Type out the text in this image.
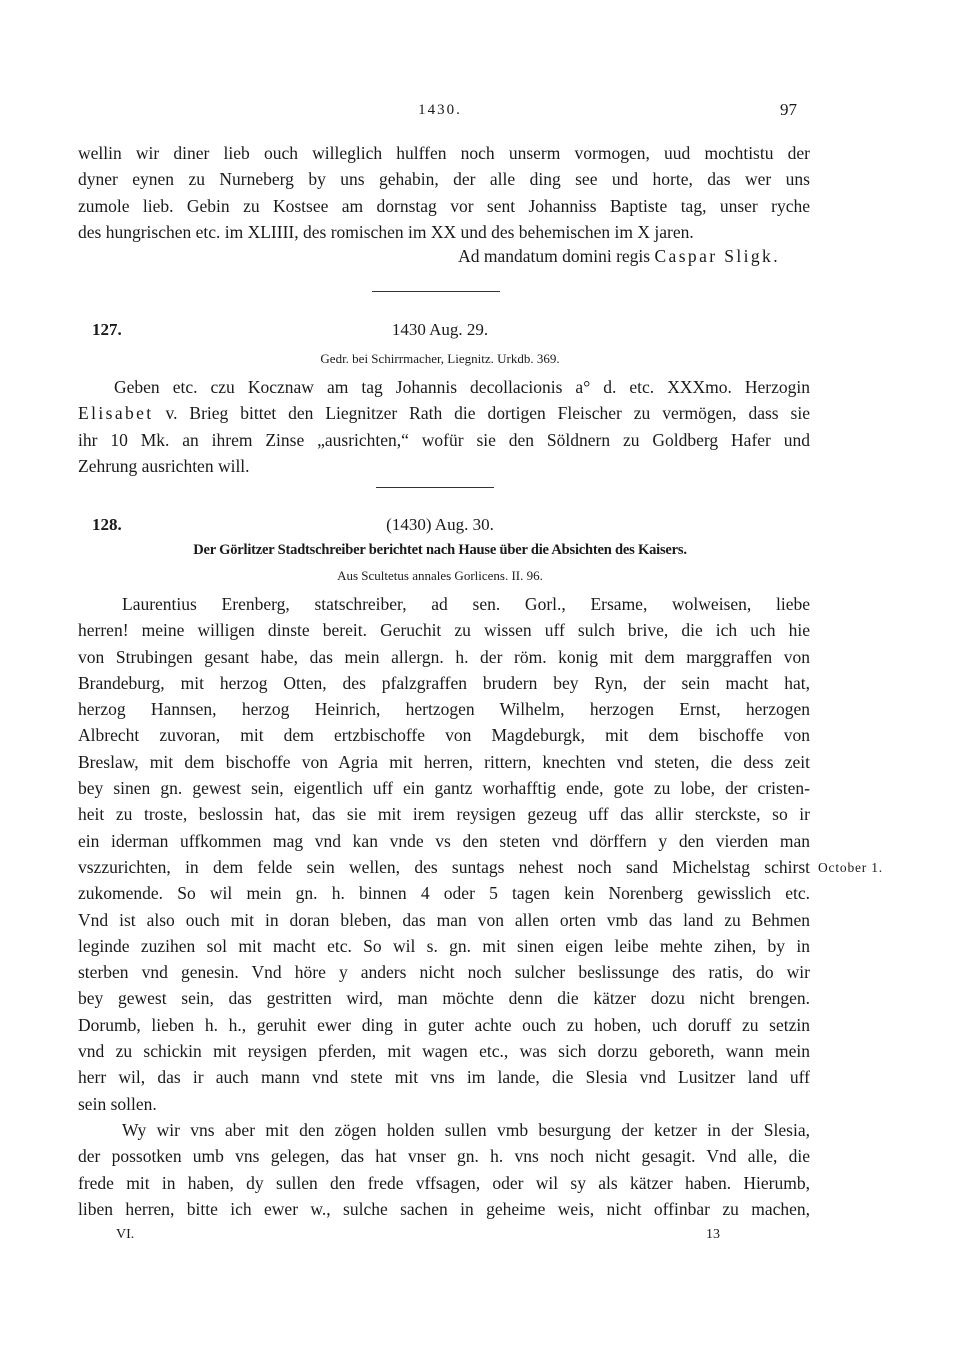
1430.	97
wellin wir diner lieb ouch willeglich hulffen noch unserm vormogen, uud mochtistu der
dyner eynen zu Nurneberg by uns gehabin, der alle ding see und horte, das wer uns
zumole lieb. Gebin zu Kostsee am dornstag vor sent Johanniss Baptiste tag, unser ryche
des hungrischen etc. im XLIIII, des romischen im XX und des behemischen im X jaren.
Ad mandatum domini regis Caspar Sligk.
127.	1430 Aug. 29.
Gedr. bei Schirrmacher, Liegnitz. Urkdb. 369.
Geben etc. czu Kocznaw am tag Johannis decollacionis a° d. etc. XXXmo. Herzogin
Elisabet v. Brieg bittet den Liegnitzer Rath die dortigen Fleischer zu vermögen, dass sie
ihr 10 Mk. an ihrem Zinse „ausrichten,“ wofür sie den Söldnern zu Goldberg Hafer und
Zehrung ausrichten will.
128.	(1430) Aug. 30.
Der Görlitzer Stadtschreiber berichtet nach Hause über die Absichten des Kaisers.
Aus Scultetus annales Gorlicens. II. 96.
Laurentius Erenberg, statschreiber, ad sen. Gorl., Ersame, wolweisen, liebe
herren! meine willigen dinste bereit. Geruchit zu wissen uff sulch brive, die ich uch hie
von Strubingen gesant habe, das mein allergn. h. der röm. konig mit dem marggraffen von
Brandeburg, mit herzog Otten, des pfalzgraffen brudern bey Ryn, der sein macht hat,
herzog Hannsen, herzog Heinrich, hertzogen Wilhelm, herzogen Ernst, herzogen
Albrecht zuvoran, mit dem ertzbischoffe von Magdeburgk, mit dem bischoffe von
Breslaw, mit dem bischoffe von Agria mit herren, rittern, knechten vnd steten, die dess zeit
bey sinen gn. gewest sein, eigentlich uff ein gantz worhafftig ende, gote zu lobe, der cristen-
heit zu troste, beslossin hat, das sie mit irem reysigen gezeug uff das allir sterckste, so ir
ein iderman uffkommen mag vnd kan vnde vs den steten vnd dörffern y den vierden man
vszzurichten, in dem felde sein wellen, des suntags nehest noch sand Michelstag schirst
zukomende. So wil mein gn. h. binnen 4 oder 5 tagen kein Norenberg gewisslich etc.
Vnd ist also ouch mit in doran bleben, das man von allen orten vmb das land zu Behmen
leginde zuzihen sol mit macht etc. So wil s. gn. mit sinen eigen leibe mehte zihen, by in
sterben vnd genesin. Vnd höre y anders nicht noch sulcher beslissunge des ratis, do wir
bey gewest sein, das gestritten wird, man möchte denn die kätzer dozu nicht brengen.
Dorumb, lieben h. h., geruhit ewer ding in guter achte ouch zu hoben, uch doruff zu setzin
vnd zu schickin mit reysigen pferden, mit wagen etc., was sich dorzu geboreth, wann mein
herr wil, das ir auch mann vnd stete mit vns im lande, die Slesia vnd Lusitzer land uff
sein sollen.
Wy wir vns aber mit den zögen holden sullen vmb besurgung der ketzer in der Slesia,
der possotken umb vns gelegen, das hat vnser gn. h. vns noch nicht gesagit. Vnd alle, die
frede mit in haben, dy sullen den frede vffsagen, oder wil sy als kätzer haben. Hierumb,
liben herren, bitte ich ewer w., sulche sachen in geheime weis, nicht offinbar zu machen,
October 1.
VI.	13
